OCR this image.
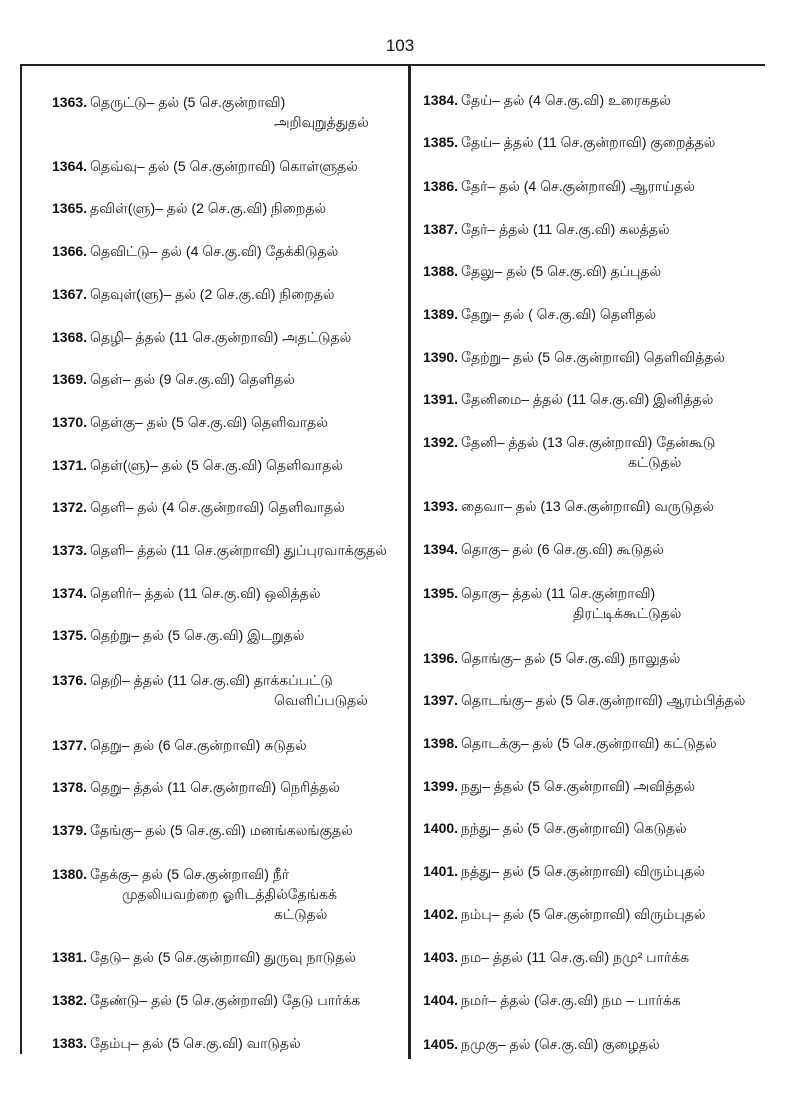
103
1363. தெருட்டு– தல் (5 செ.குன்றாவி)
அறிவுறுத்துதல்
1364. தெவ்வு– தல் (5 செ.குன்றாவி) கொள்ளுதல்
1365. தவிள்(ளு)– தல் (2 செ.கு.வி) நிறைதல்
1366. தெவிட்டு– தல் (4 செ.கு.வி) தேக்கிடுதல்
1367. தெவுள்(ளு)– தல் (2 செ.கு.வி) நிறைதல்
1368. தெழி– த்தல் (11 செ.குன்றாவி) அதட்டுதல்
1369. தெள்– தல் (9 செ.கு.வி) தெளிதல்
1370. தெள்கு– தல் (5 செ.கு.வி) தெளிவாதல்
1371. தெள்(ளு)– தல் (5 செ.கு.வி) தெளிவாதல்
1372. தெளி– தல் (4 செ.குன்றாவி) தெளிவாதல்
1373. தெளி– த்தல் (11 செ.குன்றாவி) துப்புரவாக்குதல்
1374. தெளிர்– த்தல் (11 செ.கு.வி) ஒலித்தல்
1375. தெற்று– தல் (5 செ.கு.வி) இடறுதல்
1376. தெறி– த்தல் (11 செ.கு.வி) தாக்கப்பட்டு
வெளிப்படுதல்
1377. தெறு– தல் (6 செ.குன்றாவி) சுடுதல்
1378. தெறு– த்தல் (11 செ.குன்றாவி) நெரித்தல்
1379. தேங்கு– தல் (5 செ.கு.வி) மனங்கலங்குதல்
1380. தேக்கு– தல் (5 செ.குன்றாவி) நீர்
முதலியவற்றை ஓரிடத்தில்தேங்கக்
கட்டுதல்
1381. தேடு– தல் (5 செ.குன்றாவி) துருவு நாடுதல்
1382. தேண்டு– தல் (5 செ.குன்றாவி) தேடு பார்க்க
1383. தேம்பு– தல் (5 செ.கு.வி) வாடுதல்
1384. தேய்– தல் (4 செ.கு.வி) உரைகதல்
1385. தேய்– த்தல் (11 செ.குன்றாவி) குறைத்தல்
1386. தேர்– தல் (4 செ.குன்றாவி) ஆராய்தல்
1387. தேர்– த்தல் (11 செ.கு.வி) கலத்தல்
1388. தேலு– தல் (5 செ.கு.வி) தப்புதல்
1389. தேறு– தல் ( செ.கு.வி) தெளிதல்
1390. தேற்று– தல் (5 செ.குன்றாவி) தெளிவித்தல்
1391. தேனிமை– த்தல் (11 செ.கு.வி) இனித்தல்
1392. தேனி– த்தல் (13 செ.குன்றாவி) தேன்கூடு
கட்டுதல்
1393. தைவா– தல் (13 செ.குன்றாவி) வருடுதல்
1394. தொகு– தல் (6 செ.கு.வி) கூடுதல்
1395. தொகு– த்தல் (11 செ.குன்றாவி)
திரட்டிக்கூட்டுதல்
1396. தொங்கு– தல் (5 செ.கு.வி) நாலுதல்
1397. தொடங்கு– தல் (5 செ.குன்றாவி) ஆரம்பித்தல்
1398. தொடக்கு– தல் (5 செ.குன்றாவி) கட்டுதல்
1399. நது– த்தல் (5 செ.குன்றாவி) அவித்தல்
1400. நந்து– தல் (5 செ.குன்றாவி) கெடுதல்
1401. நத்து– தல் (5 செ.குன்றாவி) விரும்புதல்
1402. நம்பு– தல் (5 செ.குன்றாவி) விரும்புதல்
1403. நம– த்தல் (11 செ.கு.வி) நமு² பார்க்க
1404. நமர்– த்தல் (செ.கு.வி) நம – பார்க்க
1405. நமுகு– தல் (செ.கு.வி) குழைதல்
